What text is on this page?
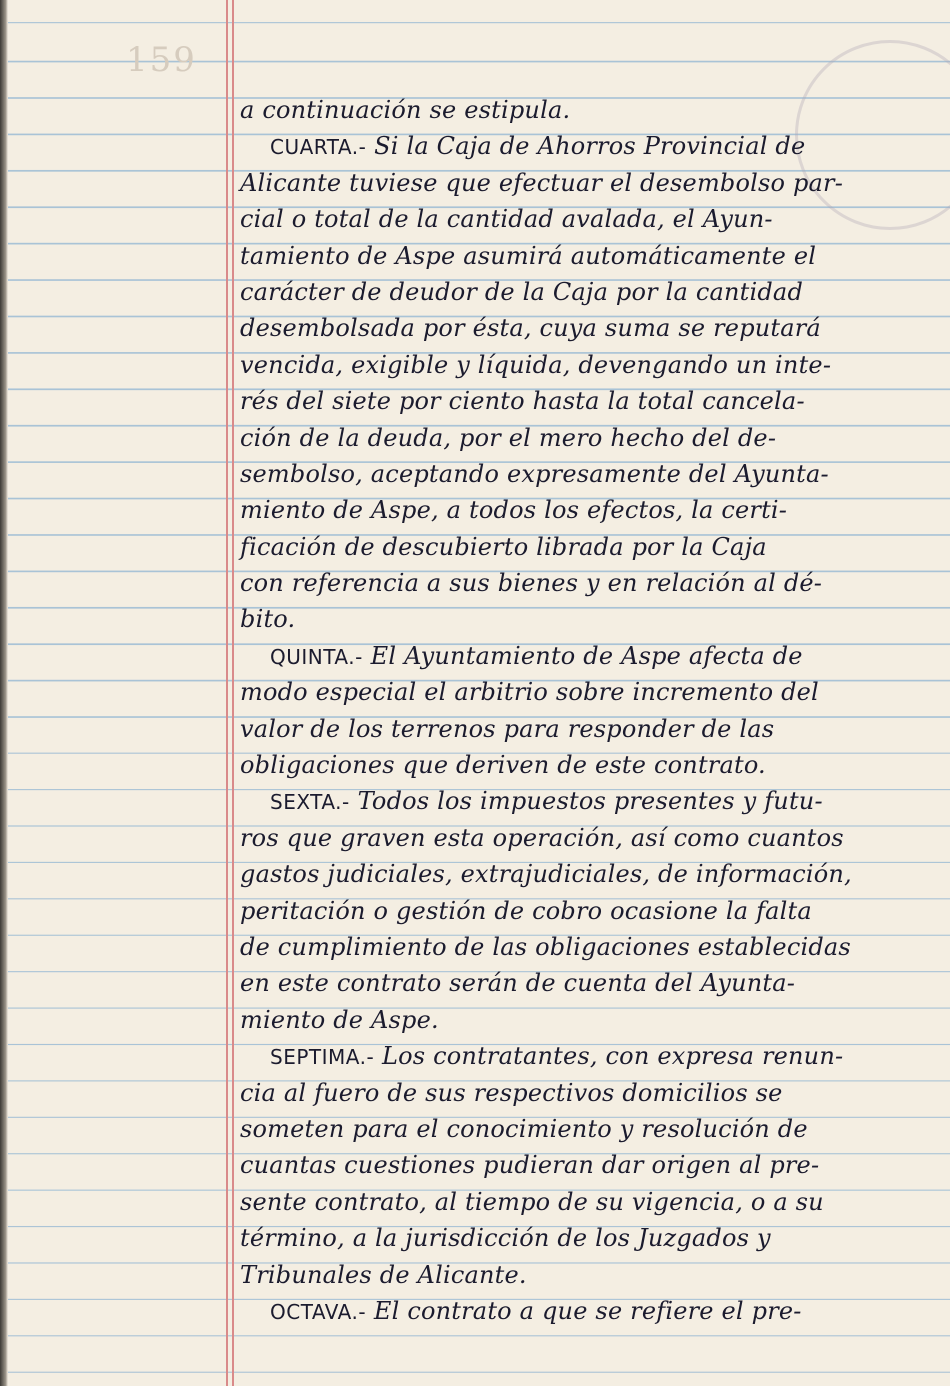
159
a continuación se estipula.
CUARTA.- Si la Caja de Ahorros Provincial de
Alicante tuviese que efectuar el desembolso par-
cial o total de la cantidad avalada, el Ayun-
tamiento de Aspe asumirá automáticamente el
carácter de deudor de la Caja por la cantidad
desembolsada por ésta, cuya suma se reputará
vencida, exigible y líquida, devengando un inte-
rés del siete por ciento hasta la total cancela-
ción de la deuda, por el mero hecho del de-
sembolso, aceptando expresamente del Ayunta-
miento de Aspe, a todos los efectos, la certi-
ficación de descubierto librada por la Caja
con referencia a sus bienes y en relación al dé-
bito.
QUINTA.- El Ayuntamiento de Aspe afecta de
modo especial el arbitrio sobre incremento del
valor de los terrenos para responder de las
obligaciones que deriven de este contrato.
SEXTA.- Todos los impuestos presentes y futu-
ros que graven esta operación, así como cuantos
gastos judiciales, extrajudiciales, de información,
peritación o gestión de cobro ocasione la falta
de cumplimiento de las obligaciones establecidas
en este contrato serán de cuenta del Ayunta-
miento de Aspe.
SEPTIMA.- Los contratantes, con expresa renun-
cia al fuero de sus respectivos domicilios se
someten para el conocimiento y resolución de
cuantas cuestiones pudieran dar origen al pre-
sente contrato, al tiempo de su vigencia, o a su
término, a la jurisdicción de los Juzgados y
Tribunales de Alicante.
OCTAVA.- El contrato a que se refiere el pre-
